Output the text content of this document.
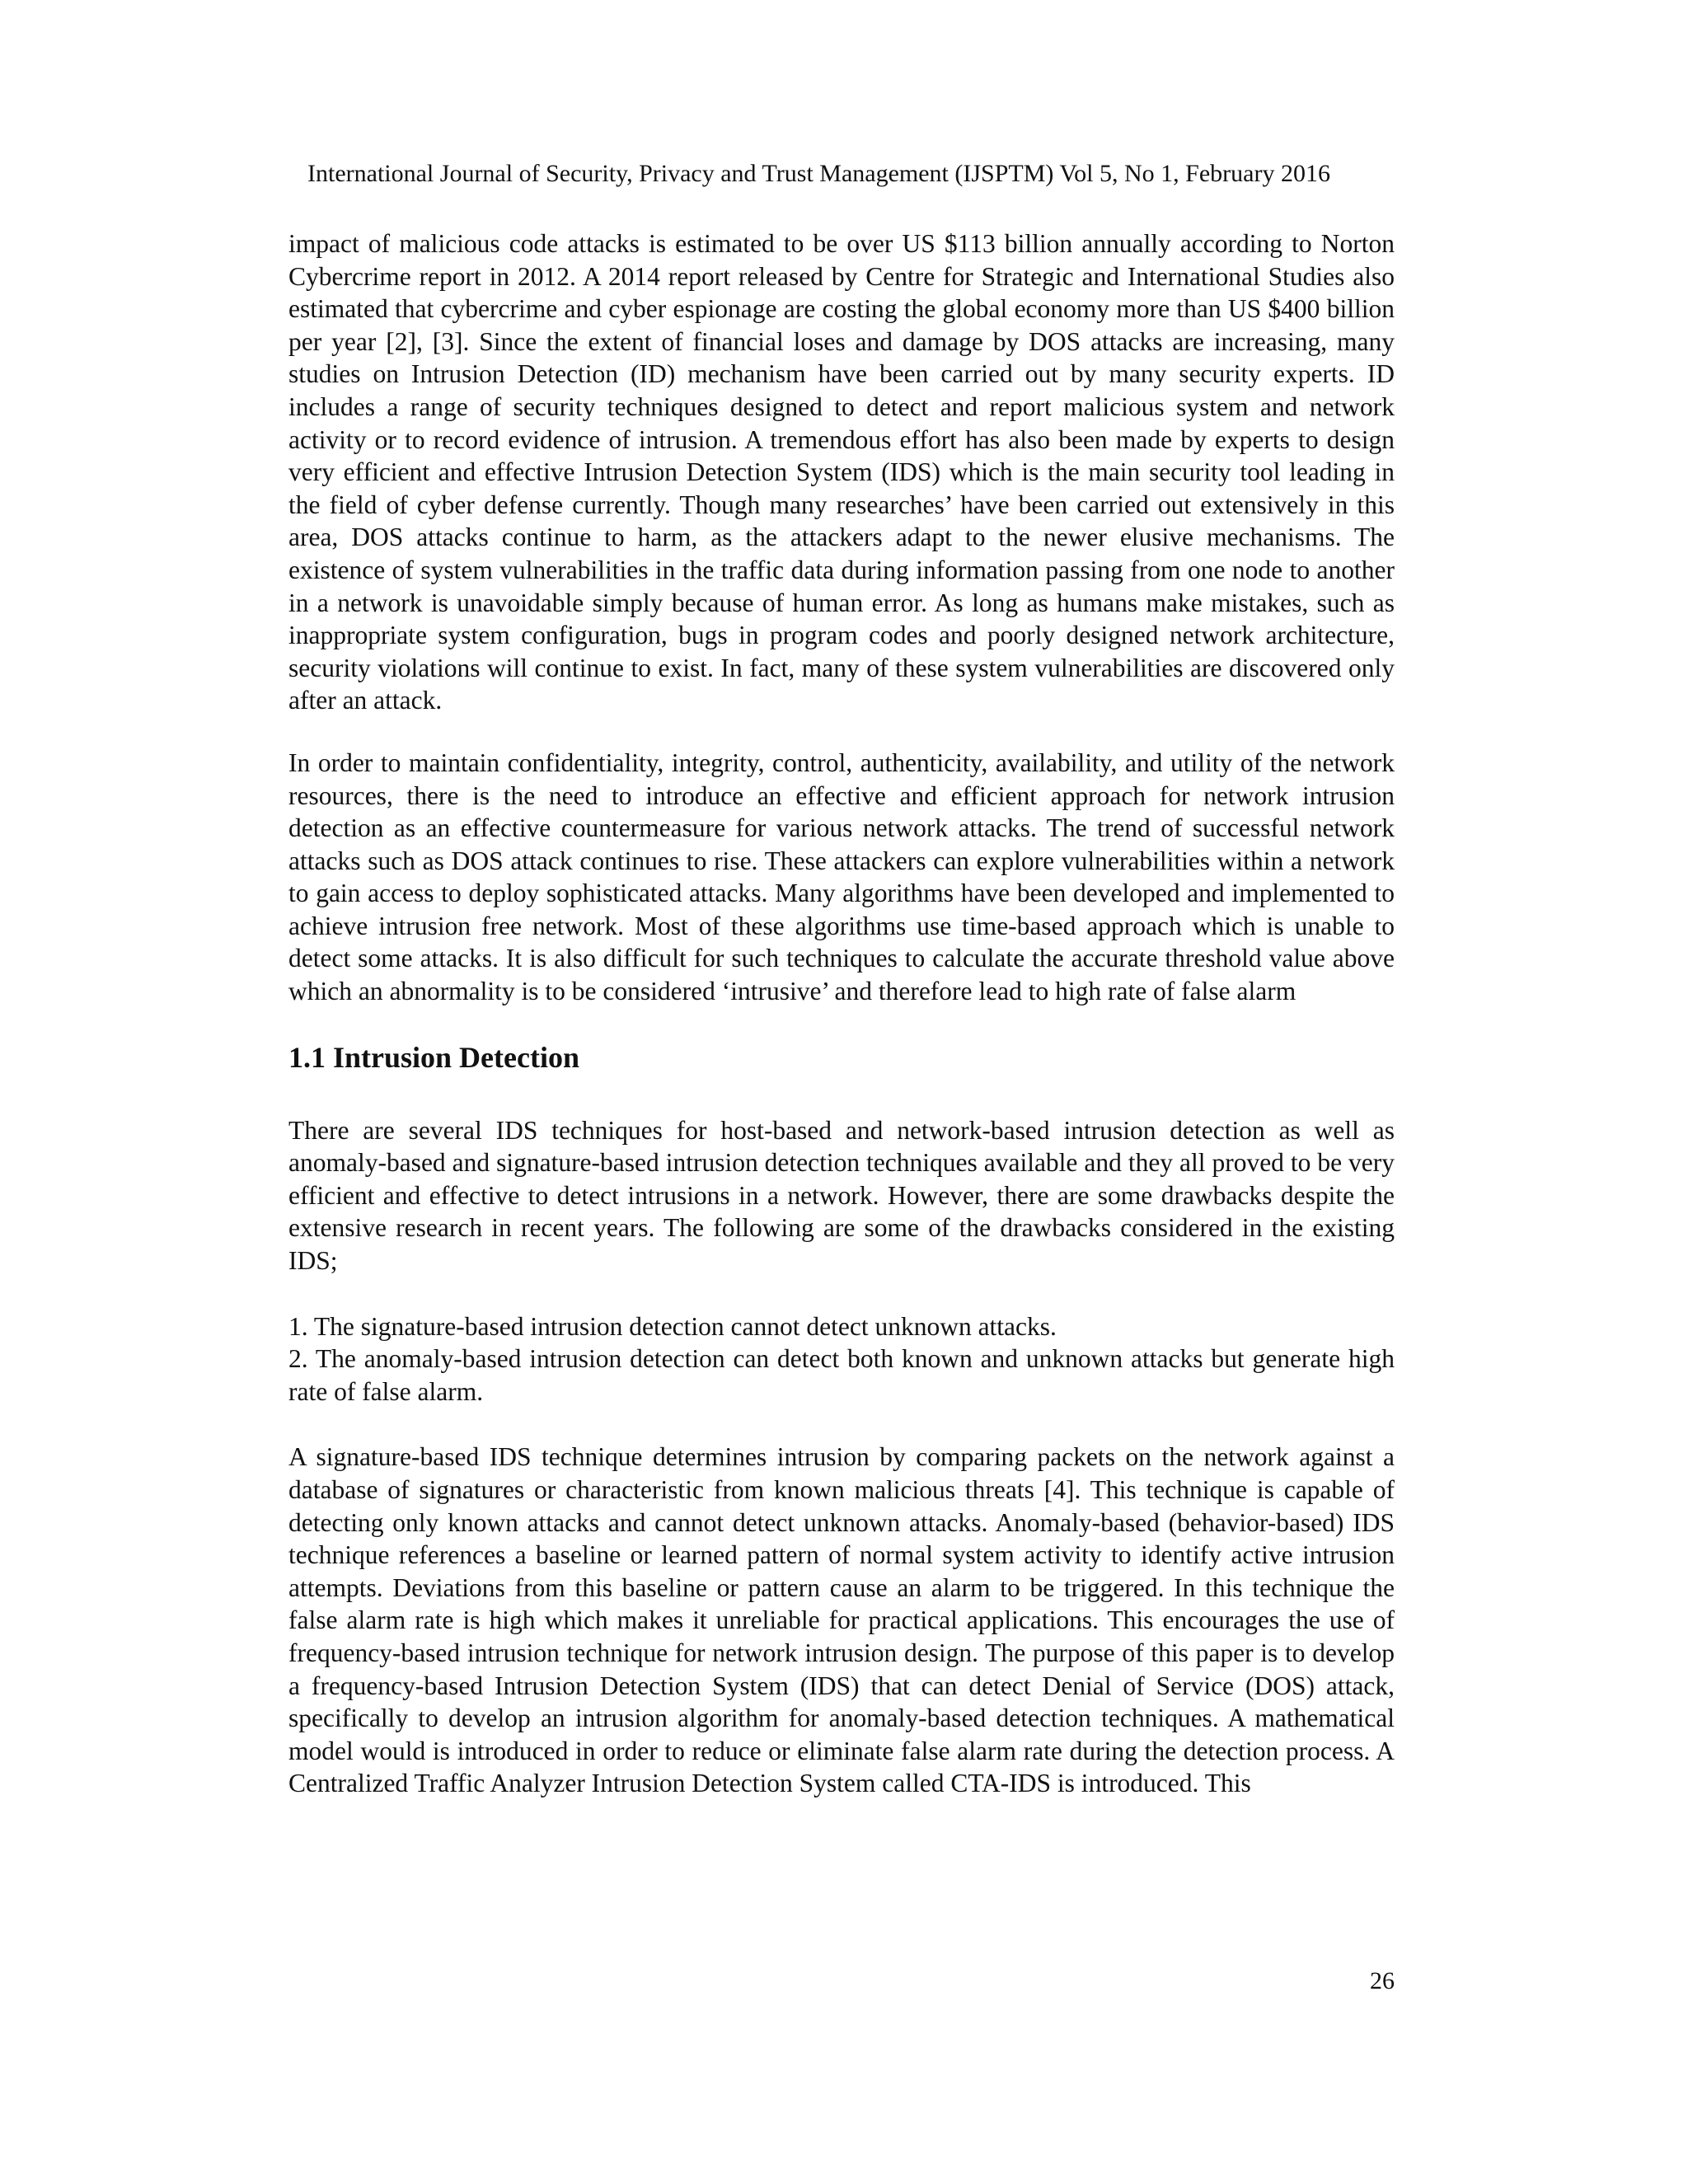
International Journal of Security, Privacy and Trust Management (IJSPTM) Vol 5, No 1, February 2016

impact of malicious code attacks is estimated to be over US $113 billion annually according to Norton Cybercrime report in 2012. A 2014 report released by Centre for Strategic and International Studies also estimated that cybercrime and cyber espionage are costing the global economy more than US $400 billion per year [2], [3]. Since the extent of financial loses and damage by DOS attacks are increasing, many studies on Intrusion Detection (ID) mechanism have been carried out by many security experts. ID includes a range of security techniques designed to detect and report malicious system and network activity or to record evidence of intrusion. A tremendous effort has also been made by experts to design very efficient and effective Intrusion Detection System (IDS) which is the main security tool leading in the field of cyber defense currently. Though many researches’ have been carried out extensively in this area, DOS attacks continue to harm, as the attackers adapt to the newer elusive mechanisms. The existence of system vulnerabilities in the traffic data during information passing from one node to another in a network is unavoidable simply because of human error. As long as humans make mistakes, such as inappropriate system configuration, bugs in program codes and poorly designed network architecture, security violations will continue to exist. In fact, many of these system vulnerabilities are discovered only after an attack.

In order to maintain confidentiality, integrity, control, authenticity, availability, and utility of the network resources, there is the need to introduce an effective and efficient approach for network intrusion detection as an effective countermeasure for various network attacks. The trend of successful network attacks such as DOS attack continues to rise. These attackers can explore vulnerabilities within a network to gain access to deploy sophisticated attacks. Many algorithms have been developed and implemented to achieve intrusion free network. Most of these algorithms use time-based approach which is unable to detect some attacks. It is also difficult for such techniques to calculate the accurate threshold value above which an abnormality is to be considered ‘intrusive’ and therefore lead to high rate of false alarm

1.1 Intrusion Detection

There are several IDS techniques for host-based and network-based intrusion detection as well as anomaly-based and signature-based intrusion detection techniques available and they all proved to be very efficient and effective to detect intrusions in a network. However, there are some drawbacks despite the extensive research in recent years. The following are some of the drawbacks considered in the existing IDS;

1. The signature-based intrusion detection cannot detect unknown attacks.

2. The anomaly-based intrusion detection can detect both known and unknown attacks but generate high rate of false alarm.

A signature-based IDS technique determines intrusion by comparing packets on the network against a database of signatures or characteristic from known malicious threats [4]. This technique is capable of detecting only known attacks and cannot detect unknown attacks. Anomaly-based (behavior-based) IDS technique references a baseline or learned pattern of normal system activity to identify active intrusion attempts. Deviations from this baseline or pattern cause an alarm to be triggered. In this technique the false alarm rate is high which makes it unreliable for practical applications. This encourages the use of frequency-based intrusion technique for network intrusion design. The purpose of this paper is to develop a frequency-based Intrusion Detection System (IDS) that can detect Denial of Service (DOS) attack, specifically to develop an intrusion algorithm for anomaly-based detection techniques. A mathematical model would is introduced in order to reduce or eliminate false alarm rate during the detection process. A Centralized Traffic Analyzer Intrusion Detection System called CTA-IDS is introduced. This

26
